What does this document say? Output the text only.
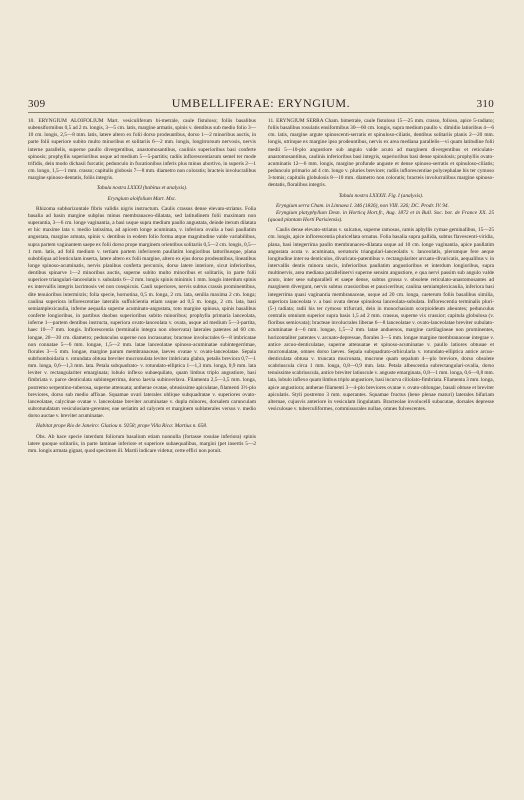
309	UMBELLIFERAE: ERYNGIUM.	310

10. ERYNGIUM ALOIFOLIUM Mart. vesiculiferum bi-metrale, caule fistuloso; foliis basalibus subensiformibus 0,5 ad 2 m. longis, 3—5 cm. latis, margine armatis, spinis v. dentibus sub medio folio 3—10 cm. longis, 2,5—8 mm. latis, latere altero ex folii dorso prodeuntibus, dorso 1—2 minoribus auctis, in parte folii superiore subito multo minoribus et solitariis 6—2 mm. longis, longitrorsum nervosis, nervis interne parallelis, superne paullo divergentibus, anastomosantibus, caulinis superioribus basi conferte spinosis; prophyllis superioribus usque ad medium 5—5-partitis; radiis inflorescentiarum semel ter mode trifidis, dein modo dichasii furcatis; pedunculo in fucationibus inferis plus minus abortivo, in superis 2—1 cm. longo, 1,5—1 mm. crasso; capitulis globosis 7—8 mm. diametro non coloratis; bracteis involucralibus margine spinoso-dentatis, foliis integris.

Tabula nostra LXXXI (habitus et analysis).

Eryngium aloifolium Mart. Msc.

Rhizoma subhorizontale fibris validis nigris instructum. Caulis crassus dense elevato-striatus. Folia basalia ad basin margine subplus minus membranaceo-dilatata, sed latitudinem folii maximam non superantia, 3—6 cm. longe vaginantia, a basi usque supra medium paullo angustata, deinde iterum dilatata et hic maxime lata v. medio latissima, ad apicem longe acuminata, v. inferiora ovalia a basi paullatim angustata, margine armata, spinis v. dentibus in eodem folio forma atque magnitudine valde variabilibus, supra partem vaginantem saepe ex folii dorso prope marginem orientibus solitariis 0,5—2 cm. longis, 0,5—1 mm. latis, ad folii medium v. tertiam partem inferiorem paullatim longioribus lattoribusque, plana subobliqua ad lenticulam inserta, latere altero ex folii margine, altero ex ejus dorso prodeuntibus, lineatibus longe spinoso-acuminatis, nervis planibus conferta percursis, dorso latere interiore, sicut inferioribus, dentibus spinarve 1—2 minoribus auctis, superne subito multo minoribus et solitariis, in parte folii superiore triangulari-lanceolatis v. subulatis 6—2 mm. longis spinis minimis 1 mm. longis interdum spinis ex intervallis integris lacrimosis vel non conspicuis. Cauli superiores, nervis subtus crassis prominentibus, dite tenuioribus intermixtis; folia specie, hornotina, 0,5 m. longa, 2 cm. lata, senilia maxima 2 cm. longa; caulina superiora inflorescentiae lateralis suffulcientia etiam usque ad 0,5 m. longa, 2 cm. lata, basi semiamplexicaulia, inferne aequalia superne acuminato-angustata, toto margine spinosa, spinis basalibus conferte longioribus, in partibus duobus superioribus subito minoribus; prophylla primaria lanceolata, inferne 1—partem dentibus instructa, superiora ovato-lanceolata v. ovata, usque ad medium 5—3-partita, haec 10—7 mm. longis. Inflorescentia (terminalis integra non observata) laterales patentes ad 60 cm. longae, 20—30 cm. diametro; pedunculus superne non incrassatus; bracteae involucrales 6—8 imbricatae non connatae 5—6 mm. longae, 1,5—2 mm. latae lanceolatae spinoso-acuminatae subintegerrimae, florales 3—5 mm. longae, margine parum membranaceae, laeves ovatae v. ovato-lanceolatae. Sepala subrhomboidaria v. rotundata obtusa breviter mucronulata leviter imbricata glabra, petalis breviora 0,7—1 mm. longa, 0,6—1,3 mm. lata. Petala subquadrato- v. rotundato-elliptica 1—1,3 mm. longa, 0,9 mm. lata leviter v. rectangulariter emarginata; lobulo inflexo subaequilato, quam limbus triplo angustiore, basi fimbriata v. parce denticulata subintegerrima, dorso laevia subinverlava. Filamenta 2,5—3,5 mm. longa, postremo serpentino-tuberosa, superne attenuata; antherae ovatae, obtusissime apiculatae, filamenti 3½-plo breviores, dorso sub medio affixae. Squamae ovari laterales oblique subquadratae v. superiores ovato-lanceolatae, calycinae ovatae v. lanceolatae breviter acuminatae v. dupla minores, dorsalem carunculam subrotundatam vesiculosiam-gerentes; eae seriatim ad calycem et marginem sublaterales versus v. medio dorso auctae v. breviter acuminatae.

Habitat prope Rio de Janeiro: Glaziou n. 9258; prope Villa Rica: Martius n. 658.

Obs. Ab hace specie interdum foliorum basalium etiam nonnulla (fortasse rosulae inferiora) spinis latere quoque solitariis, in parte laminae inferiore et superiore subaequalibus, margini (pet insertis 5—2 mm. longis armata gignat, quod specimen ill. Martii indicare videtur, certe effici non potuit.

11. ERYNGIUM SERRA Cham. bimetrale, caule fistuloso 15—25 mm. crasso, folioso, apice 5-radiato; foliis basalibus rosulatis ensiformibus 30—60 cm. longis, supra medium paullo v. dimidio latioribus 4—6 cm. latis, margine argute spinoscenti-serratis et spinuloso-ciliatis, dentibus solitariis planis 2—20 mm. longis, utrinque ex margine ipso prodeuntibus, nervis ex area mediana parallelis—vi quam latitudine folii medii 5—10-plo angustiore sub angulo valde acuto ad marginem divergentibus et reticulato-anastomosantibus, caulinis inferioribus basi integris, superioribus basi dense spinulosis; prophyllis ovato-acuminatis 12—6 mm. longis, margine profunde anguste et dense spinoso-serratis et spinuloso-ciliatis; pedunculo primario ad 4 cm. longo v. pluries breviore; radiis inflorescentiae polycephalae bis ter cymoso 3-tomis; capitulis globulosis 8—10 mm. diametro non coloratis; bracteis involucralibus margine spinoso-dentatis, floralibus integris.

Tabula nostra LXXXII. Fig. I (analysis).

Eryngium serra Cham. in Linnaea I. 346 (1826), non VIII. 326; DC. Prodr. IV. 94.

Eryngium platyphyllum Desn. in Horticq Hort.fr., Aug. 1872 et in Bull. Soc. bot. de France XX. 25 (quoad plantam Horti Parisiensis).

Caulis dense elevato-striatus v. sulcatus, superne ramosus, ramis aphyllis cymae geminalibus, 15—25 cm. longis, apice inflorescentia pluricellata ornatus. Folia basalia supra pallida, subtus flavescenti-viridia, plana, basi integerrima paullo membranaceo-dilatata usque ad 10 cm. longe vaginantia, apice paullatim angustata acuta v. acuminata, serraturis triangulari-lanceolatis v. lanceolatis, plerumque fere aeque longitudine inter ea denticulos, divaricato-patentibus v. rectangulariter arcuato-divaricatis, aequalibus v. in intervallis dentis minora uncis, inferioribus paullatim angustioribus et interdum longioribus, supra multinervis, area mediana parallelinervi superne sensim angustiore, e qua nervi passim sub angulo valde acuto, inter sese subparalleli et saepe dense, subtus grossa v. obsolete reticulato-anastomosantes ad marginem divergunt, nervis subtus crassioribus et pauciceribus; caulina semiamplexicaulia, inferiora basi integerrima quasi vaginantia membranaceae, usque ad 20 cm. longa, caeterum foliis basalibus similia, superiora lanceolata v. a basi ovata dense spinulosa lanceolata-subulata. Inflorescentia terminalis pluri- (5-) radiata; radii his ter cymoso trifurcati, dein in monochasium scorpioideum abeuntes; pedunculus centralis omnium superior supra basis 1,5 ad 2 mm. crassus, superne vix crassior; capitula globulosa (v. floribus semiovata); bracteae involucrales liberae 6—8 lanceolatae v. ovato-lanceolatae breviter subulato-acuminatae 4—6 mm. longae, 1,5—2 mm. latae anduersos, margine cartilagineae non prominentes, horizontaliter patentes v. arcuato-depressae, florales 3—5 mm. longae margine membranaceae integrae v. antice arcuo-denticulatae, superne attenuatae et spinoso-acuminatae v. paullo latiores obtusae et mucronulatae, omnes dorso laeves. Sepala subquadrato-orbicularia v. rotundato-elliptica antice arcuo-denticulata obtusa v. truncata mucronata, mucrone quam sepalum 4—plo breviore, dorso obsolete scabriuscula circa 1 mm. longa, 0,8—0,9 mm. lata. Petala albescentia subrectangulari-ovalia, dorso tenuissime scabriuscula, antice breviter latiuscule v. anguste emarginata, 0,8—1 mm. longa, 0,6—0,8 mm. lata, lobulo inflexo quam limbus triplo angustiore, basi incurva ciliolato-fimbriata. Filamenta 3 mm. longa, apice angustiora; antherae filamenti 3—4-plo breviores ovatae v. ovato-oblongae, basali obtuse et breviter apiculatis. Styli postremo 3 mm. superantes. Squamae fructus (bene plenae maturi) laterales bifariam alternae, cujusvis anteriore in vesiculam lingulatam. Bracteolae involucelli subacutae, dorsales depresse vesiculosae v. tuberculiformes, commissurales nullae, omnes fulvescentes.
